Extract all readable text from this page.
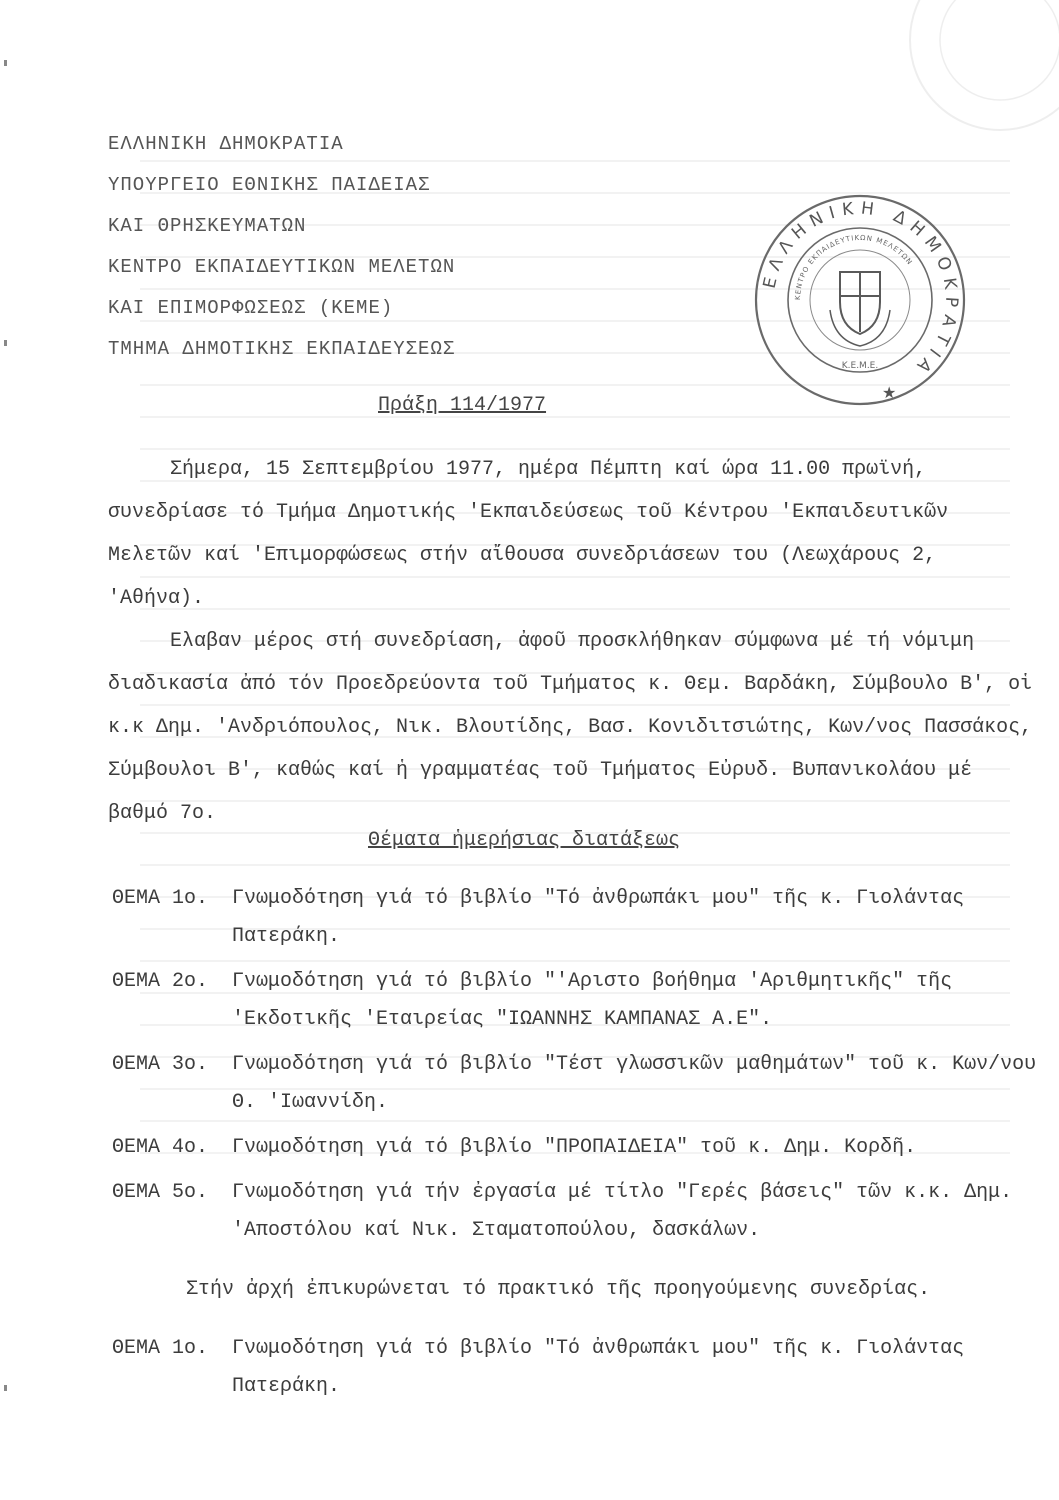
ΕΛΛΗΝΙΚΗ ΔΗΜΟΚΡΑΤΙΑ
ΥΠΟΥΡΓΕΙΟ ΕΘΝΙΚΗΣ ΠΑΙΔΕΙΑΣ
ΚΑΙ ΘΡΗΣΚΕΥΜΑΤΩΝ
ΚΕΝΤΡΟ ΕΚΠΑΙΔΕΥΤΙΚΩΝ ΜΕΛΕΤΩΝ
ΚΑΙ ΕΠΙΜΟΡΦΩΣΕΩΣ (ΚΕΜΕ)
ΤΜΗΜΑ ΔΗΜΟΤΙΚΗΣ ΕΚΠΑΙΔΕΥΣΕΩΣ
ΕΛΛΗΝΙΚΗ ΔΗΜΟΚΡΑΤΙΑ
ΚΕΝΤΡΟ ΕΚΠΑΙΔΕΥΤΙΚΩΝ ΜΕΛΕΤΩΝ
Κ.Ε.Μ.Ε.
★
Πράξη 114/1977

Σήμερα, 15 Σεπτεμβρίου 1977, ημέρα Πέμπτη καί ώρα 11.00 πρωϊνή, συνεδρίασε τό Τμήμα Δημοτικής 'Εκπαιδεύσεως τοῦ Κέντρου 'Εκπαιδευτικῶν Μελετῶν καί 'Επιμορφώσεως στήν αἴθουσα συνεδριάσεων του (Λεωχάρους 2, 'Αθήνα).

Ελαβαν μέρος στή συνεδρίαση, ἀφοῦ προσκλήθηκαν σύμφωνα μέ τή νόμιμη διαδικασία ἀπό τόν Προεδρεύοντα τοῦ Τμήματος κ. Θεμ. Βαρδάκη, Σύμβουλο Β', οἱ κ.κ Δημ. 'Ανδριόπουλος, Νικ. Βλουτίδης, Βασ. Κονιδιτσιώτης, Κων/νος Πασσάκος, Σύμβουλοι Β', καθώς καί ἡ γραμματέας τοῦ Τμήματος Εὐρυδ. Βυπανικολάου μέ βαθμό 7ο.

Θέματα ἡμερήσιας διατάξεως
ΘΕΜΑ 1ο.	Γνωμοδότηση γιά τό βιβλίο "Τό ἀνθρωπάκι μου" τῆς κ. Γιολάντας Πατεράκη.
ΘΕΜΑ 2ο.	Γνωμοδότηση γιά τό βιβλίο "'Αριστο βοήθημα 'Αριθμητικῆς" τῆς 'Εκδοτικῆς 'Εταιρείας "ΙΩΑΝΝΗΣ ΚΑΜΠΑΝΑΣ Α.Ε".
ΘΕΜΑ 3ο.	Γνωμοδότηση γιά τό βιβλίο "Τέστ γλωσσικῶν μαθημάτων" τοῦ κ. Κων/νου Θ. 'Ιωαννίδη.
ΘΕΜΑ 4ο.	Γνωμοδότηση γιά τό βιβλίο "ΠΡΟΠΑΙΔΕΙΑ" τοῦ κ. Δημ. Κορδῆ.
ΘΕΜΑ 5ο.	Γνωμοδότηση γιά τήν ἐργασία μέ τίτλο "Γερές βάσεις" τῶν κ.κ. Δημ. 'Αποστόλου καί Νικ. Σταματοπούλου, δασκάλων.
Στήν ἀρχή ἐπικυρώνεται τό πρακτικό τῆς προηγούμενης συνεδρίας.
ΘΕΜΑ 1ο.	Γνωμοδότηση γιά τό βιβλίο "Τό ἀνθρωπάκι μου" τῆς κ. Γιολάντας Πατεράκη.
